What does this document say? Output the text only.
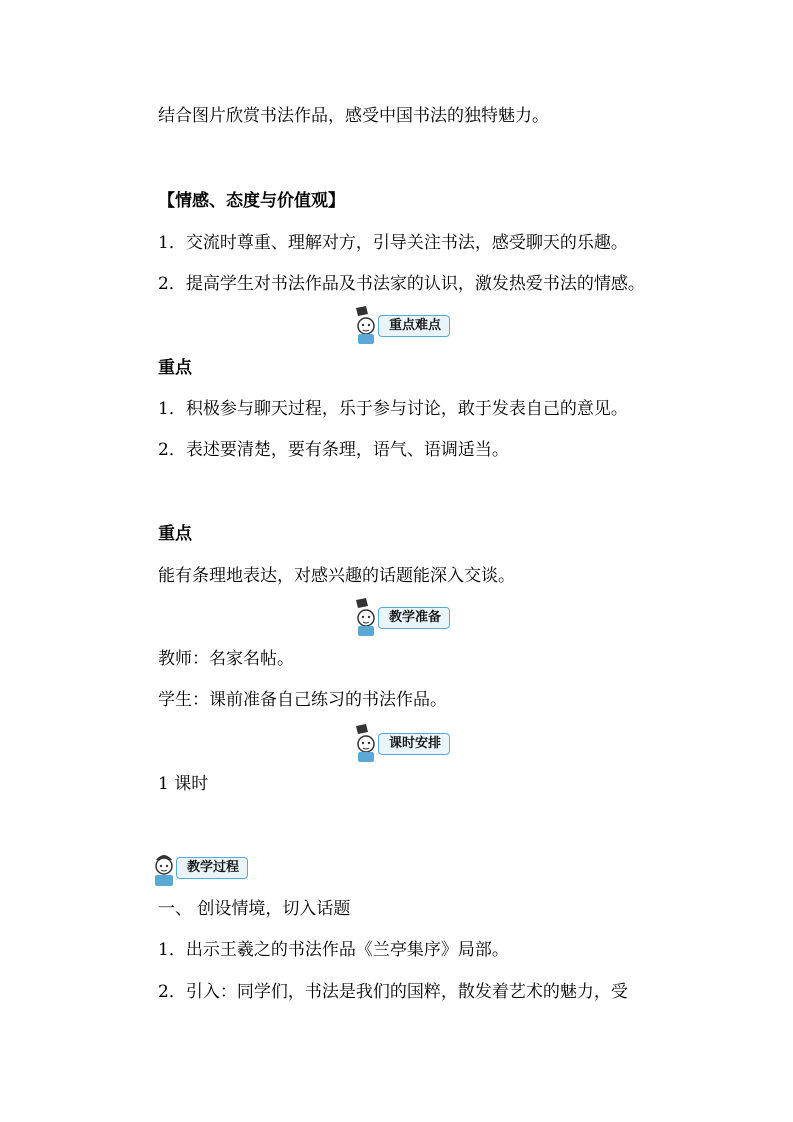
结合图片欣赏书法作品，感受中国书法的独特魅力。
【情感、态度与价值观】
1．交流时尊重、理解对方，引导关注书法，感受聊天的乐趣。
2．提高学生对书法作品及书法家的认识，激发热爱书法的情感。
重点难点
重点
1．积极参与聊天过程，乐于参与讨论，敢于发表自己的意见。
2．表述要清楚，要有条理，语气、语调适当。
重点
能有条理地表达，对感兴趣的话题能深入交谈。
教学准备
教师：名家名帖。
学生：课前准备自己练习的书法作品。
课时安排
1 课时
教学过程
一、 创设情境，切入话题
1．出示王羲之的书法作品《兰亭集序》局部。
2．引入：同学们，书法是我们的国粹，散发着艺术的魅力，受
